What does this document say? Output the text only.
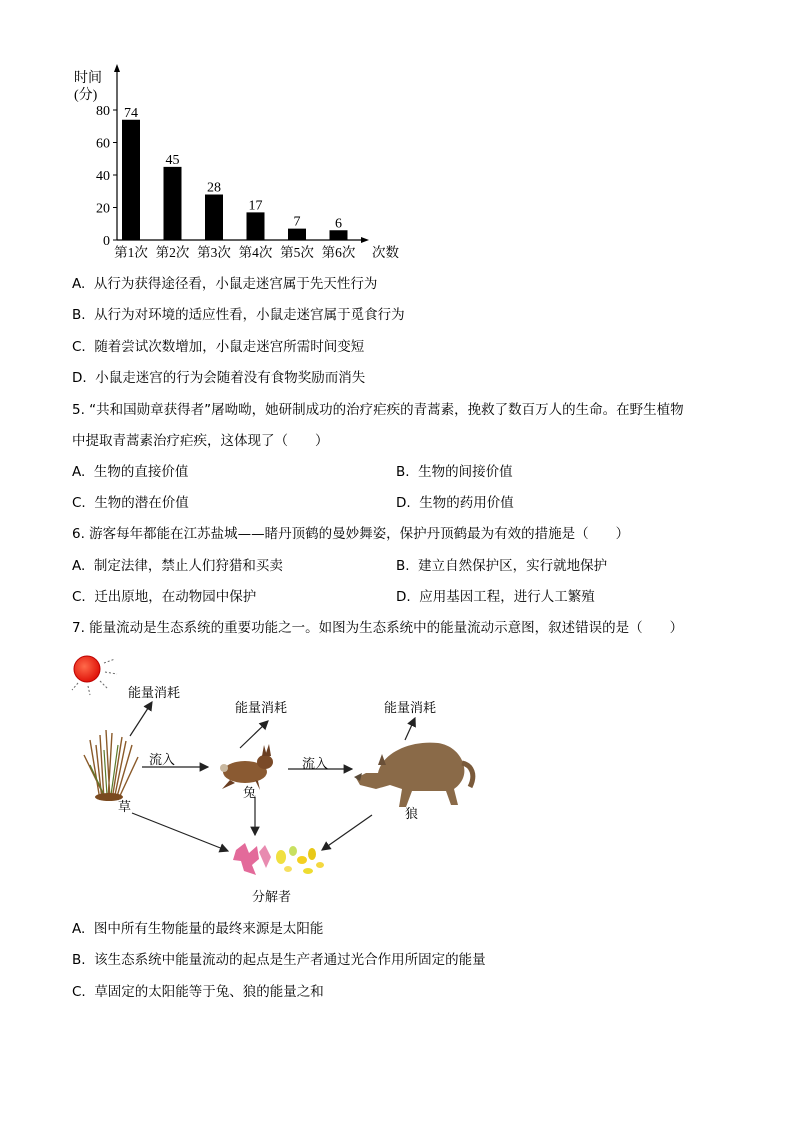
时间
(分)
0
20
40
60
80 74
45
28
17
7 6
第1次 第2次 第3次 第4次 第5次 第6次 次数
A. 从行为获得途径看，小鼠走迷宫属于先天性行为
B. 从行为对环境的适应性看，小鼠走迷宫属于觅食行为
C. 随着尝试次数增加，小鼠走迷宫所需时间变短
D. 小鼠走迷宫的行为会随着没有食物奖励而消失
5. “共和国勋章获得者”屠呦呦，她研制成功的治疗疟疾的青蒿素，挽救了数百万人的生命。在野生植物
中提取青蒿素治疗疟疾，这体现了（　　）
A. 生物的直接价值	B. 生物的间接价值
C. 生物的潜在价值	D. 生物的药用价值
6. 游客每年都能在江苏盐城——睹丹顶鹤的曼妙舞姿，保护丹顶鹤最为有效的措施是（　　）
A. 制定法律，禁止人们狩猎和买卖	B. 建立自然保护区，实行就地保护
C. 迁出原地，在动物园中保护	D. 应用基因工程，进行人工繁殖
7. 能量流动是生态系统的重要功能之一。如图为生态系统中的能量流动示意图，叙述错误的是（　　）
能量消耗
能量消耗	能量消耗
流入	流入
草
兔
狼
分解者
A. 图中所有生物能量的最终来源是太阳能
B. 该生态系统中能量流动的起点是生产者通过光合作用所固定的能量
C. 草固定的太阳能等于兔、狼的能量之和
